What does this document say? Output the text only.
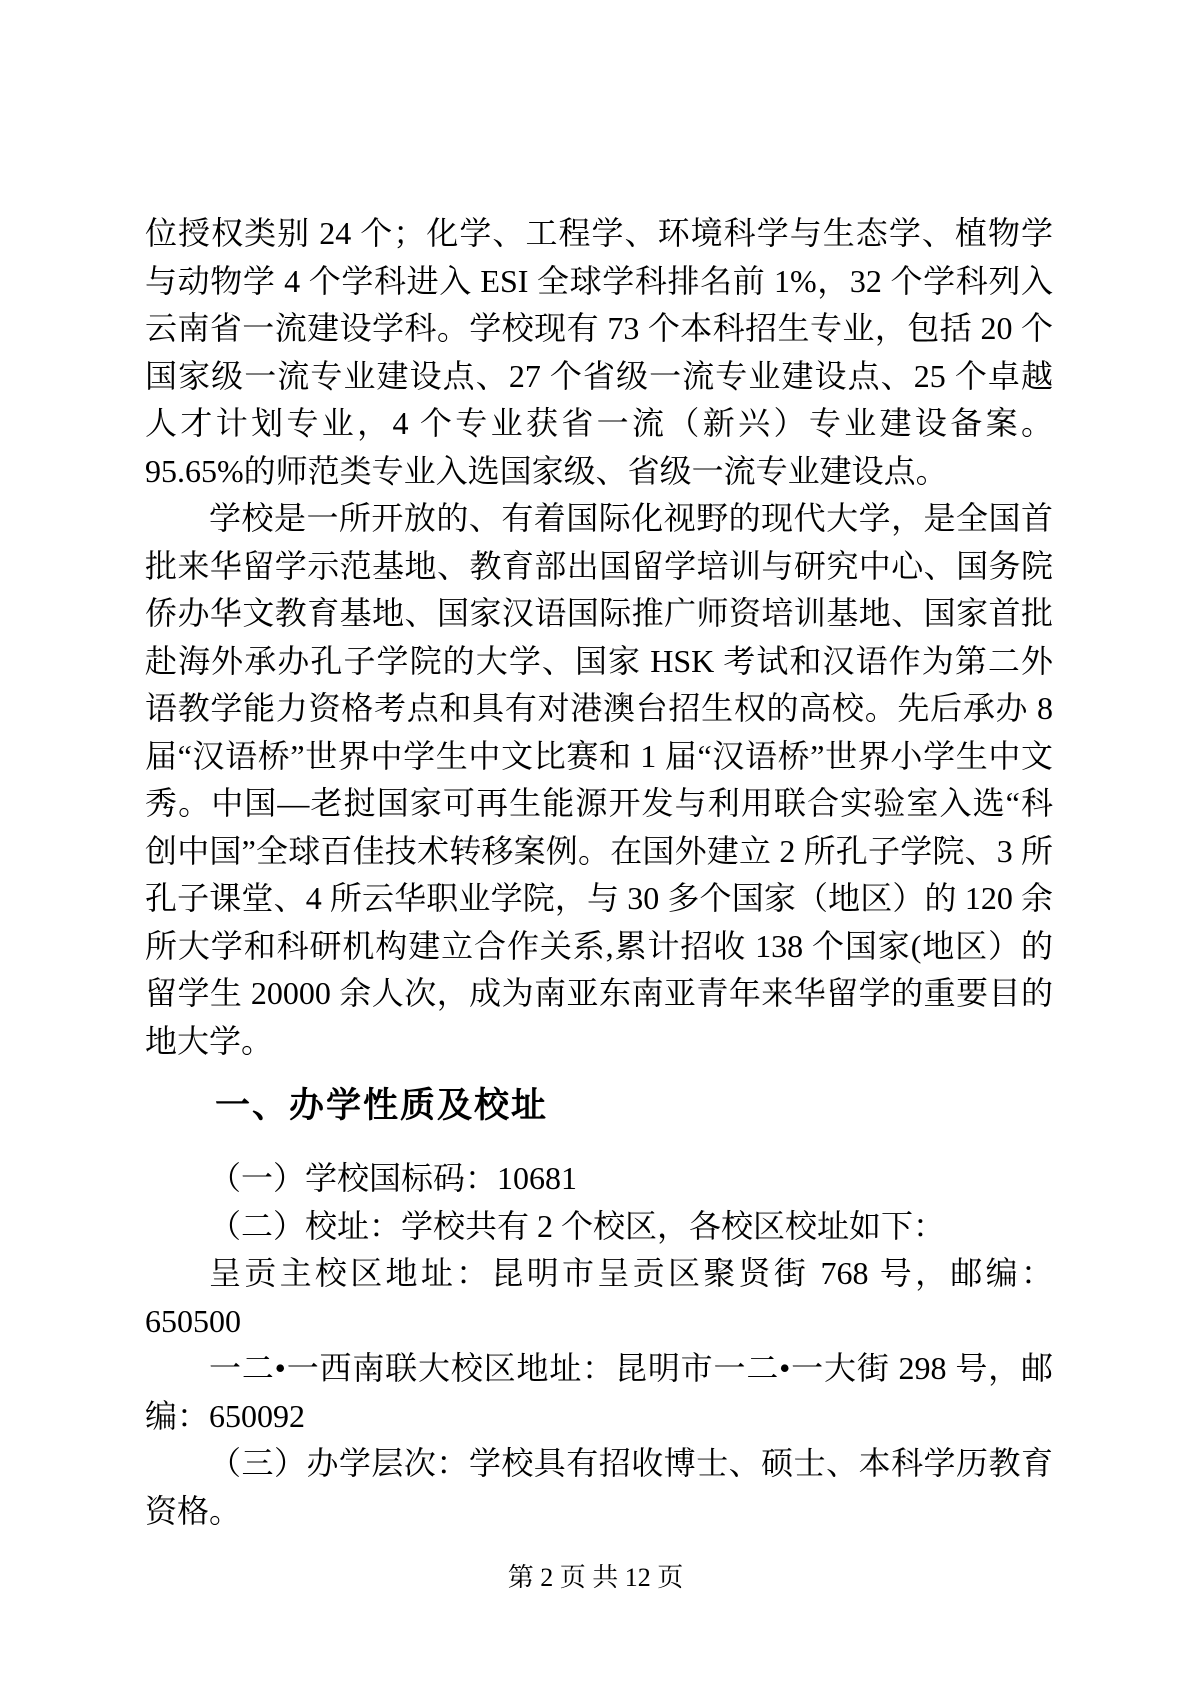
位授权类别 24 个；化学、工程学、环境科学与生态学、植物学与动物学 4 个学科进入 ESI 全球学科排名前 1%，32 个学科列入云南省一流建设学科。学校现有 73 个本科招生专业，包括 20 个国家级一流专业建设点、27 个省级一流专业建设点、25 个卓越人才计划专业，4 个专业获省一流（新兴）专业建设备案。95.65%的师范类专业入选国家级、省级一流专业建设点。

学校是一所开放的、有着国际化视野的现代大学，是全国首批来华留学示范基地、教育部出国留学培训与研究中心、国务院侨办华文教育基地、国家汉语国际推广师资培训基地、国家首批赴海外承办孔子学院的大学、国家 HSK 考试和汉语作为第二外语教学能力资格考点和具有对港澳台招生权的高校。先后承办 8 届“汉语桥”世界中学生中文比赛和 1 届“汉语桥”世界小学生中文秀。中国—老挝国家可再生能源开发与利用联合实验室入选“科创中国”全球百佳技术转移案例。在国外建立 2 所孔子学院、3 所孔子课堂、4 所云华职业学院，与 30 多个国家（地区）的 120 余所大学和科研机构建立合作关系,累计招收 138 个国家(地区）的留学生 20000 余人次，成为南亚东南亚青年来华留学的重要目的地大学。

一、办学性质及校址

（一）学校国标码：10681

（二）校址：学校共有 2 个校区，各校区校址如下：

呈贡主校区地址：昆明市呈贡区聚贤街 768 号，邮编：650500

一二•一西南联大校区地址：昆明市一二•一大街 298 号，邮编：650092

（三）办学层次：学校具有招收博士、硕士、本科学历教育资格。

第 2 页 共 12 页
